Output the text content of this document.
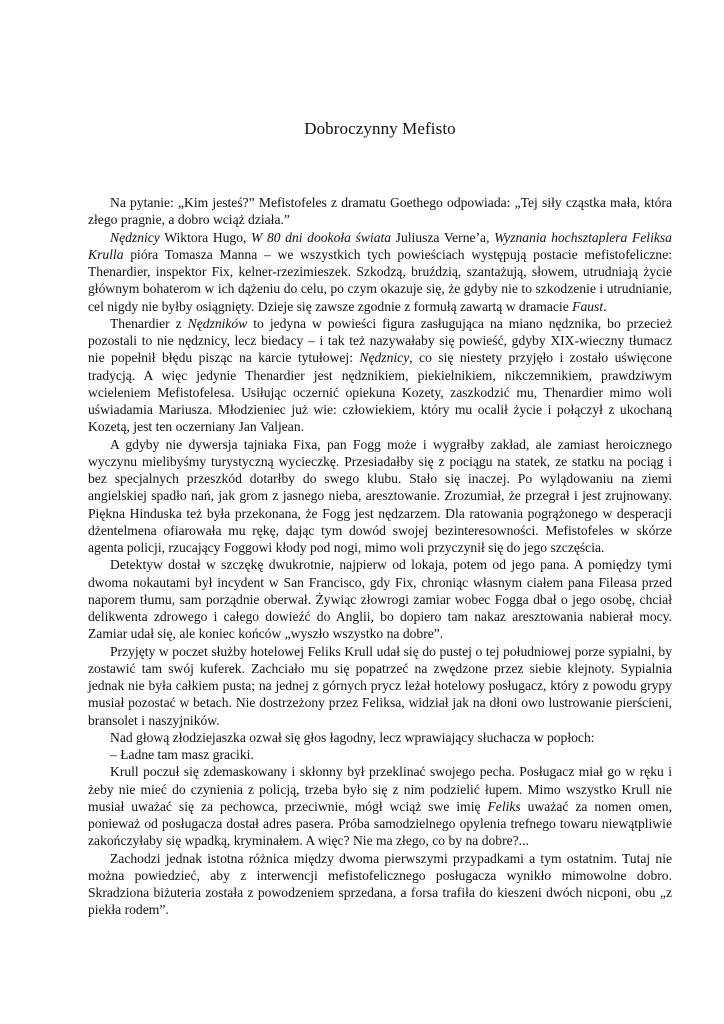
Dobroczynny Mefisto

Na pytanie: „Kim jesteś?” Mefistofeles z dramatu Goethego odpowiada: „Tej siły cząstka mała, która złego pragnie, a dobro wciąż działa.”

Nędznicy Wiktora Hugo, W 80 dni dookoła świata Juliusza Verne’a, Wyznania hochsztaplera Feliksa Krulla pióra Tomasza Manna – we wszystkich tych powieściach występują postacie mefistofeliczne: Thenardier, inspektor Fix, kelner-rzezimieszek. Szkodzą, bruździą, szantażują, słowem, utrudniają życie głównym bohaterom w ich dążeniu do celu, po czym okazuje się, że gdyby nie to szkodzenie i utrudnianie, cel nigdy nie byłby osiągnięty. Dzieje się zawsze zgodnie z formułą zawartą w dramacie Faust.

Thenardier z Nędzników to jedyna w powieści figura zasługująca na miano nędznika, bo przecież pozostali to nie nędznicy, lecz biedacy – i tak też nazywałaby się powieść, gdyby XIX-wieczny tłumacz nie popełnił błędu pisząc na karcie tytułowej: Nędznicy, co się niestety przyjęło i zostało uświęcone tradycją. A więc jedynie Thenardier jest nędznikiem, piekielnikiem, nikczemnikiem, prawdziwym wcieleniem Mefistofelesa. Usiłując oczernić opiekuna Kozety, zaszkodzić mu, Thenardier mimo woli uświadamia Mariusza. Młodzieniec już wie: człowiekiem, który mu ocalił życie i połączył z ukochaną Kozetą, jest ten oczerniany Jan Valjean.

A gdyby nie dywersja tajniaka Fixa, pan Fogg może i wygrałby zakład, ale zamiast heroicznego wyczynu mielibyśmy turystyczną wycieczkę. Przesiadałby się z pociągu na statek, ze statku na pociąg i bez specjalnych przeszkód dotarłby do swego klubu. Stało się inaczej. Po wylądowaniu na ziemi angielskiej spadło nań, jak grom z jasnego nieba, aresztowanie. Zrozumiał, że przegrał i jest zrujnowany. Piękna Hinduska też była przekonana, że Fogg jest nędzarzem. Dla ratowania pogrążonego w desperacji dżentelmena ofiarowała mu rękę, dając tym dowód swojej bezinteresowności. Mefistofeles w skórze agenta policji, rzucający Foggowi kłody pod nogi, mimo woli przyczynił się do jego szczęścia.

Detektyw dostał w szczękę dwukrotnie, najpierw od lokaja, potem od jego pana. A pomiędzy tymi dwoma nokautami był incydent w San Francisco, gdy Fix, chroniąc własnym ciałem pana Fileasa przed naporem tłumu, sam porządnie oberwał. Żywiąc złowrogi zamiar wobec Fogga dbał o jego osobę, chciał delikwenta zdrowego i całego dowieźć do Anglii, bo dopiero tam nakaz aresztowania nabierał mocy. Zamiar udał się, ale koniec końców „wyszło wszystko na dobre”.

Przyjęty w poczet służby hotelowej Feliks Krull udał się do pustej o tej południowej porze sypialni, by zostawić tam swój kuferek. Zachciało mu się popatrzeć na zwędzone przez siebie klejnoty. Sypialnia jednak nie była całkiem pusta; na jednej z górnych prycz leżał hotelowy posługacz, który z powodu grypy musiał pozostać w betach. Nie dostrzeżony przez Feliksa, widział jak na dłoni owo lustrowanie pierścieni, bransolet i naszyjników.

Nad głową złodziejaszka ozwał się głos łagodny, lecz wprawiający słuchacza w popłoch:

– Ładne tam masz graciki.

Krull poczuł się zdemaskowany i skłonny był przeklinać swojego pecha. Posługacz miał go w ręku i żeby nie mieć do czynienia z policją, trzeba było się z nim podzielić łupem. Mimo wszystko Krull nie musiał uważać się za pechowca, przeciwnie, mógł wciąż swe imię Feliks uważać za nomen omen, ponieważ od posługacza dostał adres pasera. Próba samodzielnego opylenia trefnego towaru niewątpliwie zakończyłaby się wpadką, kryminałem. A więc? Nie ma złego, co by na dobre?...

Zachodzi jednak istotna różnica między dwoma pierwszymi przypadkami a tym ostatnim. Tutaj nie można powiedzieć, aby z interwencji mefistofelicznego posługacza wynikło mimowolne dobro. Skradziona biżuteria została z powodzeniem sprzedana, a forsa trafiła do kieszeni dwóch nicponi, obu „z piekła rodem”.
